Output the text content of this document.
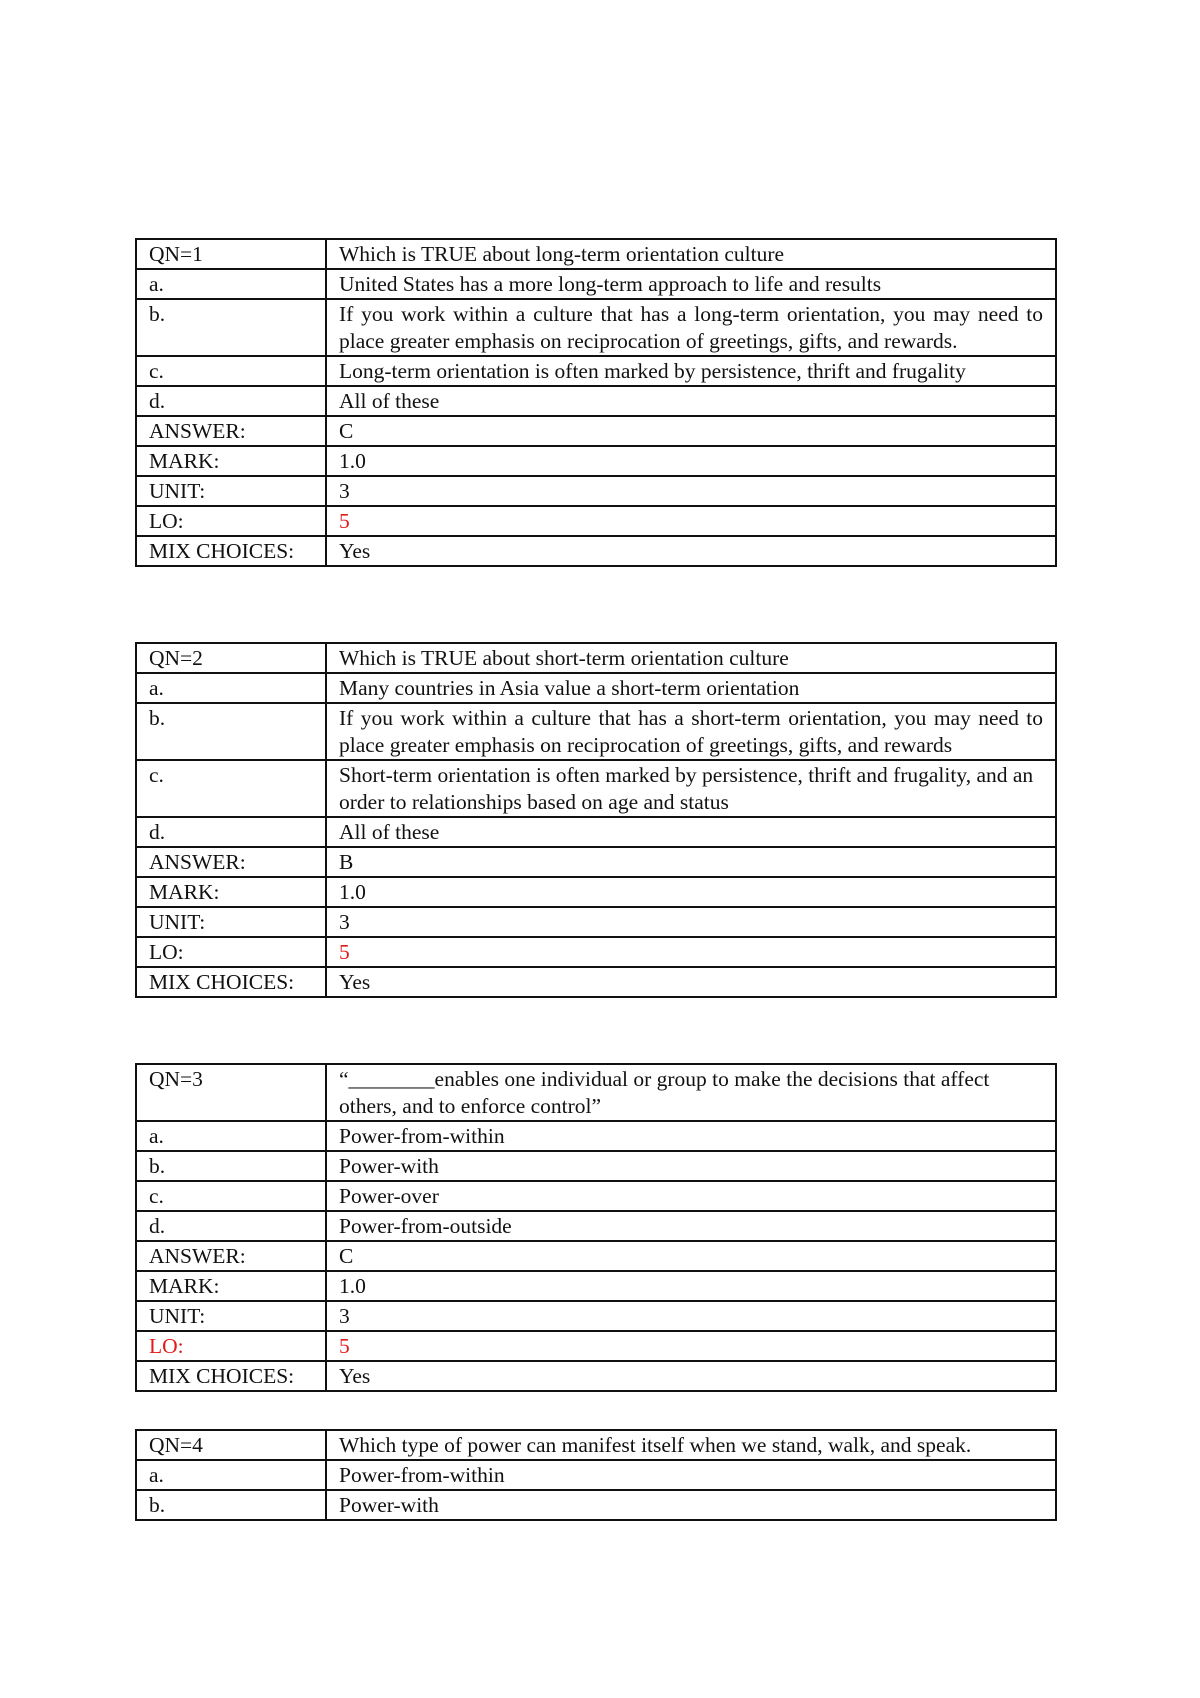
QN=1	Which is TRUE about long-term orientation culture
a.	United States has a more long-term approach to life and results
b.	If you work within a culture that has a long-term orientation, you may need to place greater emphasis on reciprocation of greetings, gifts, and rewards.
c.	Long-term orientation is often marked by persistence, thrift and frugality
d.	All of these
ANSWER:	C
MARK:	1.0
UNIT:	3
LO:	5
MIX CHOICES:	Yes
QN=2	Which is TRUE about short-term orientation culture
a.	Many countries in Asia value a short-term orientation
b.	If you work within a culture that has a short-term orientation, you may need to place greater emphasis on reciprocation of greetings, gifts, and rewards
c.	Short-term orientation is often marked by persistence, thrift and frugality, and an order to relationships based on age and status
d.	All of these
ANSWER:	B
MARK:	1.0
UNIT:	3
LO:	5
MIX CHOICES:	Yes
QN=3	“________enables one individual or group to make the decisions that affect others, and to enforce control”
a.	Power-from-within
b.	Power-with
c.	Power-over
d.	Power-from-outside
ANSWER:	C
MARK:	1.0
UNIT:	3
LO:	5
MIX CHOICES:	Yes
QN=4	Which type of power can manifest itself when we stand, walk, and speak.
a.	Power-from-within
b.	Power-with
